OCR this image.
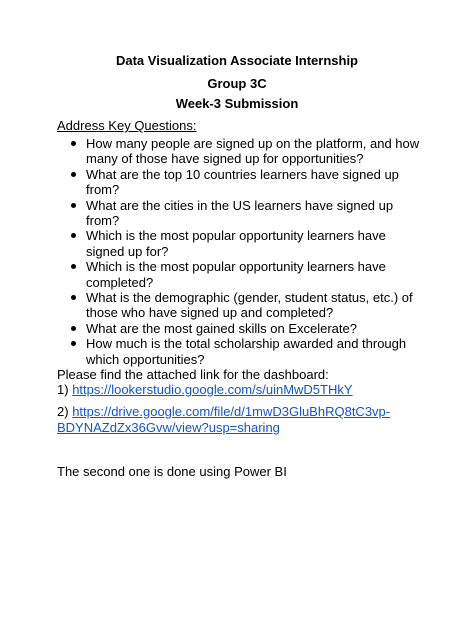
Data Visualization Associate Internship

Group 3C

Week-3 Submission

Address Key Questions:

How many people are signed up on the platform, and how many of those have signed up for opportunities?
What are the top 10 countries learners have signed up from?
What are the cities in the US learners have signed up from?
Which is the most popular opportunity learners have signed up for?
Which is the most popular opportunity learners have completed?
What is the demographic (gender, student status, etc.) of those who have signed up and completed?
What are the most gained skills on Excelerate?
How much is the total scholarship awarded and through which opportunities?

Please find the attached link for the dashboard:

1) https://lookerstudio.google.com/s/uinMwD5THkY

2) https://drive.google.com/file/d/1mwD3GluBhRQ8tC3vp-BDYNAZdZx36Gvw/view?usp=sharing

The second one is done using Power BI
